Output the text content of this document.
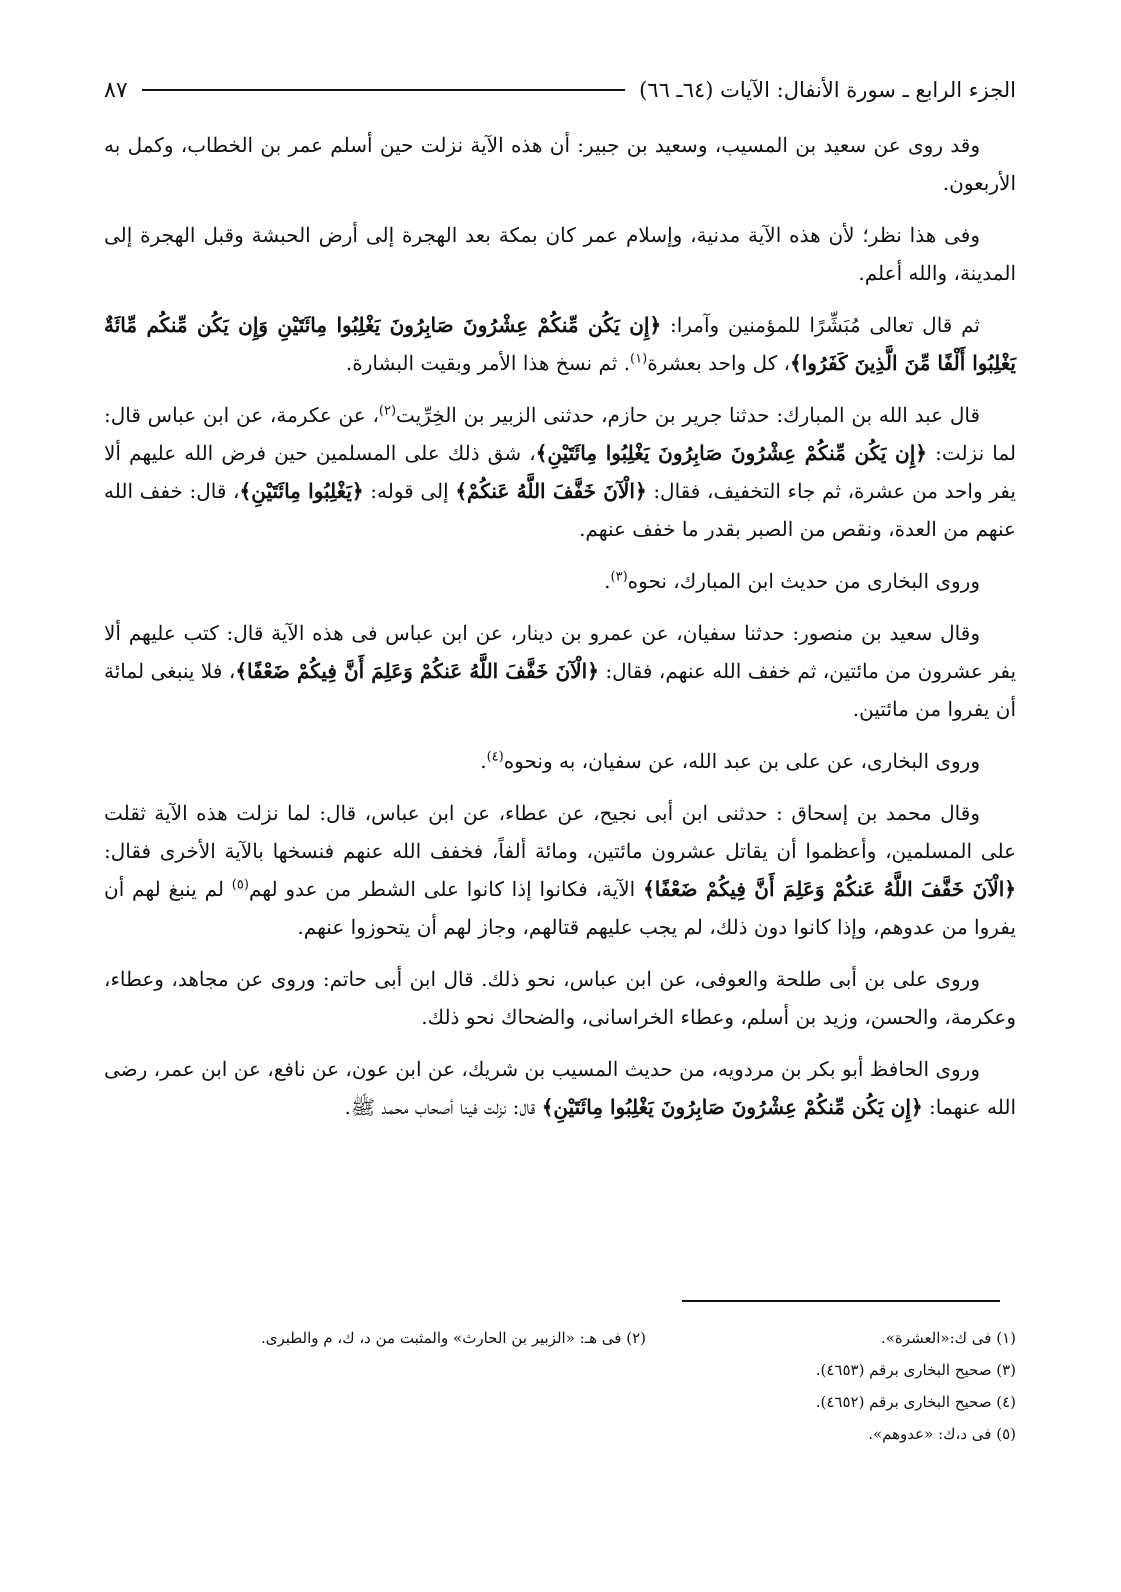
الجزء الرابع ـ سورة الأنفال: الآيات (٦٤ـ ٦٦)
٨٧

وقد روى عن سعيد بن المسيب، وسعيد بن جبير: أن هذه الآية نزلت حين أسلم عمر بن الخطاب، وكمل به الأربعون.

وفى هذا نظر؛ لأن هذه الآية مدنية، وإسلام عمر كان بمكة بعد الهجرة إلى أرض الحبشة وقبل الهجرة إلى المدينة، والله أعلم.

ثم قال تعالى مُبَشِّرًا للمؤمنين وآمرا: ﴿إِن يَكُن مِّنكُمْ عِشْرُونَ صَابِرُونَ يَغْلِبُوا مِائَتَيْنِ وَإِن يَكُن مِّنكُم مِّائَةٌ يَغْلِبُوا أَلْفًا مِّنَ الَّذِينَ كَفَرُوا﴾، كل واحد بعشرة$^{(١)}$. ثم نسخ هذا الأمر وبقيت البشارة.

قال عبد الله بن المبارك: حدثنا جرير بن حازم، حدثنى الزبير بن الخِرِّيت$^{(٢)}$، عن عكرمة، عن ابن عباس قال: لما نزلت: ﴿إِن يَكُن مِّنكُمْ عِشْرُونَ صَابِرُونَ يَغْلِبُوا مِائَتَيْنِ﴾، شق ذلك على المسلمين حين فرض الله عليهم ألا يفر واحد من عشرة، ثم جاء التخفيف، فقال: ﴿الْآنَ خَفَّفَ اللَّهُ عَنكُمْ﴾ إلى قوله: ﴿يَغْلِبُوا مِائَتَيْنِ﴾، قال: خفف الله عنهم من العدة، ونقص من الصبر بقدر ما خفف عنهم.

وروى البخارى من حديث ابن المبارك، نحوه$^{(٣)}$.

وقال سعيد بن منصور: حدثنا سفيان، عن عمرو بن دينار، عن ابن عباس فى هذه الآية قال: كتب عليهم ألا يفر عشرون من مائتين، ثم خفف الله عنهم، فقال: ﴿الْآنَ خَفَّفَ اللَّهُ عَنكُمْ وَعَلِمَ أَنَّ فِيكُمْ ضَعْفًا﴾، فلا ينبغى لمائة أن يفروا من مائتين.

وروى البخارى، عن على بن عبد الله، عن سفيان، به ونحوه$^{(٤)}$.

وقال محمد بن إسحاق : حدثنى ابن أبى نجيح، عن عطاء، عن ابن عباس، قال: لما نزلت هذه الآية ثقلت على المسلمين، وأعظموا أن يقاتل عشرون مائتين، ومائة ألفاً، فخفف الله عنهم فنسخها بالآية الأخرى فقال: ﴿الْآنَ خَفَّفَ اللَّهُ عَنكُمْ وَعَلِمَ أَنَّ فِيكُمْ ضَعْفًا﴾ الآية، فكانوا إذا كانوا على الشطر من عدو لهم$^{(٥)}$ لم ينبغ لهم أن يفروا من عدوهم، وإذا كانوا دون ذلك، لم يجب عليهم قتالهم، وجاز لهم أن يتحوزوا عنهم.

وروى على بن أبى طلحة والعوفى، عن ابن عباس، نحو ذلك. قال ابن أبى حاتم: وروى عن مجاهد، وعطاء، وعكرمة، والحسن، وزيد بن أسلم، وعطاء الخراسانى، والضحاك نحو ذلك.

وروى الحافظ أبو بكر بن مردويه، من حديث المسيب بن شريك، عن ابن عون، عن نافع، عن ابن عمر، رضى الله عنهما: ﴿إِن يَكُن مِّنكُمْ عِشْرُونَ صَابِرُونَ يَغْلِبُوا مِائَتَيْنِ﴾ قال: نزلت فينا أصحاب محمد ﷺ.

(١) فى ك:«العشرة».
(٢) فى هـ: «الزبير بن الحارث» والمثبت من د، ك، م والطبرى.
(٣) صحيح البخارى برقم (٤٦٥٣).
(٤) صحيح البخارى برقم (٤٦٥٢).
(٥) فى د،ك: «عدوهم».
